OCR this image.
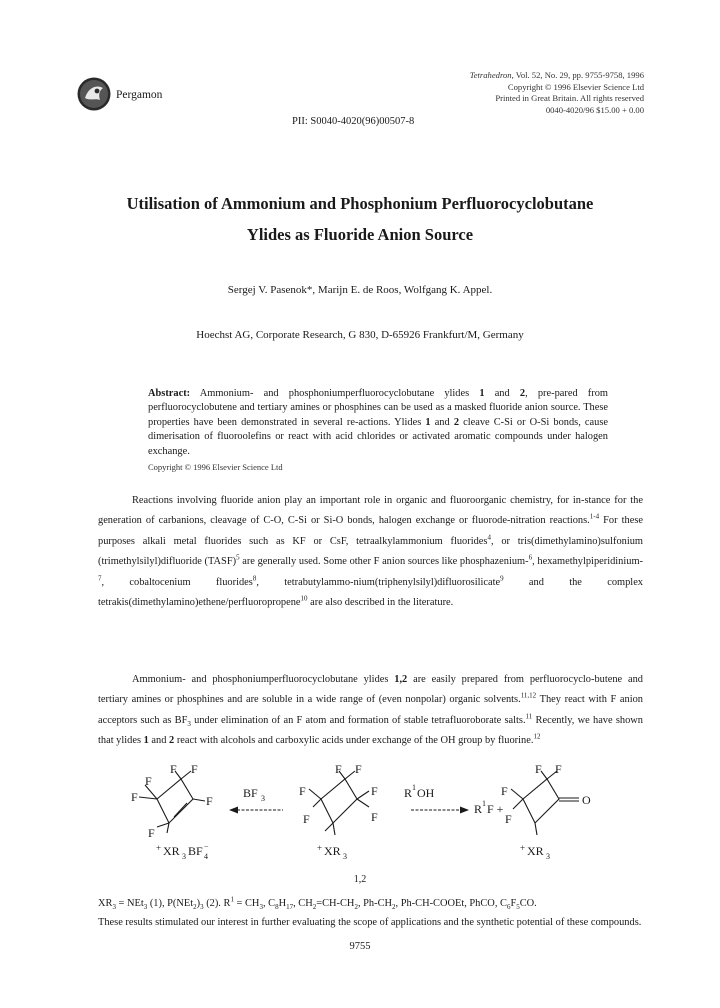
Pergamon
Tetrahedron, Vol. 52, No. 29, pp. 9755-9758, 1996
Copyright © 1996 Elsevier Science Ltd
Printed in Great Britain. All rights reserved
0040-4020/96 $15.00 + 0.00
PII: S0040-4020(96)00507-8
Utilisation of Ammonium and Phosphonium Perfluorocyclobutane
Ylides as Fluoride Anion Source
Sergej V. Pasenok*, Marijn E. de Roos, Wolfgang K. Appel.
Hoechst AG, Corporate Research, G 830, D-65926 Frankfurt/M, Germany
Abstract: Ammonium- and phosphoniumperfluorocyclobutane ylides 1 and 2, pre-pared from perfluorocyclobutene and tertiary amines or phosphines can be used as a masked fluoride anion source. These properties have been demonstrated in several re-actions. Ylides 1 and 2 cleave C-Si or O-Si bonds, cause dimerisation of fluoroolefins or react with acid chlorides or activated aromatic compounds under halogen exchange.
Copyright © 1996 Elsevier Science Ltd
Reactions involving fluoride anion play an important role in organic and fluoroorganic chemistry, for in-stance for the generation of carbanions, cleavage of C-O, C-Si or Si-O bonds, halogen exchange or fluorode-nitration reactions.$^{1-4}$ For these purposes alkali metal fluorides such as KF or CsF, tetraalkylammonium fluorides$^4$, or tris(dimethylamino)sulfonium (trimethylsilyl)difluoride (TASF)$^5$ are generally used. Some other F anion sources like phosphazenium-$^6$, hexamethylpiperidinium-$^7$, cobaltocenium fluorides$^8$, tetrabutylammo-nium(triphenylsilyl)difluorosilicate$^9$ and the complex tetrakis(dimethylamino)ethene/perfluoropropene$^{10}$ are also described in the literature.
Ammonium- and phosphoniumperfluorocyclobutane ylides 1,2 are easily prepared from perfluorocyclo-butene and tertiary amines or phosphines and are soluble in a wide range of (even nonpolar) organic solvents.$^{11,12}$ They react with F anion acceptors such as $BF_3$ under elimination of an F atom and formation of stable tetrafluoroborate salts.$^{11}$ Recently, we have shown that ylides 1 and 2 react with alcohols and carboxylic acids under exchange of the OH group by fluorine.$^{12}$
F
F F
F	F
F
+ XR 3 BF −
4
BF 3
F F
F	F
F	F
+ XR 3
R 1 OH
R 1 F +
F F
F
F
O
+ XR 3
1,2
$XR_3 = NEt_3$ (1), $P(NEt_2)_3$ (2). $R^1 = CH_3$, $C_8H_{17}$, $CH_2=CH-CH_2$, $Ph-CH_2$, Ph-CH-COOEt, PhCO, $C_6F_5CO$.
These results stimulated our interest in further evaluating the scope of applications and the synthetic potential of these compounds.
9755
